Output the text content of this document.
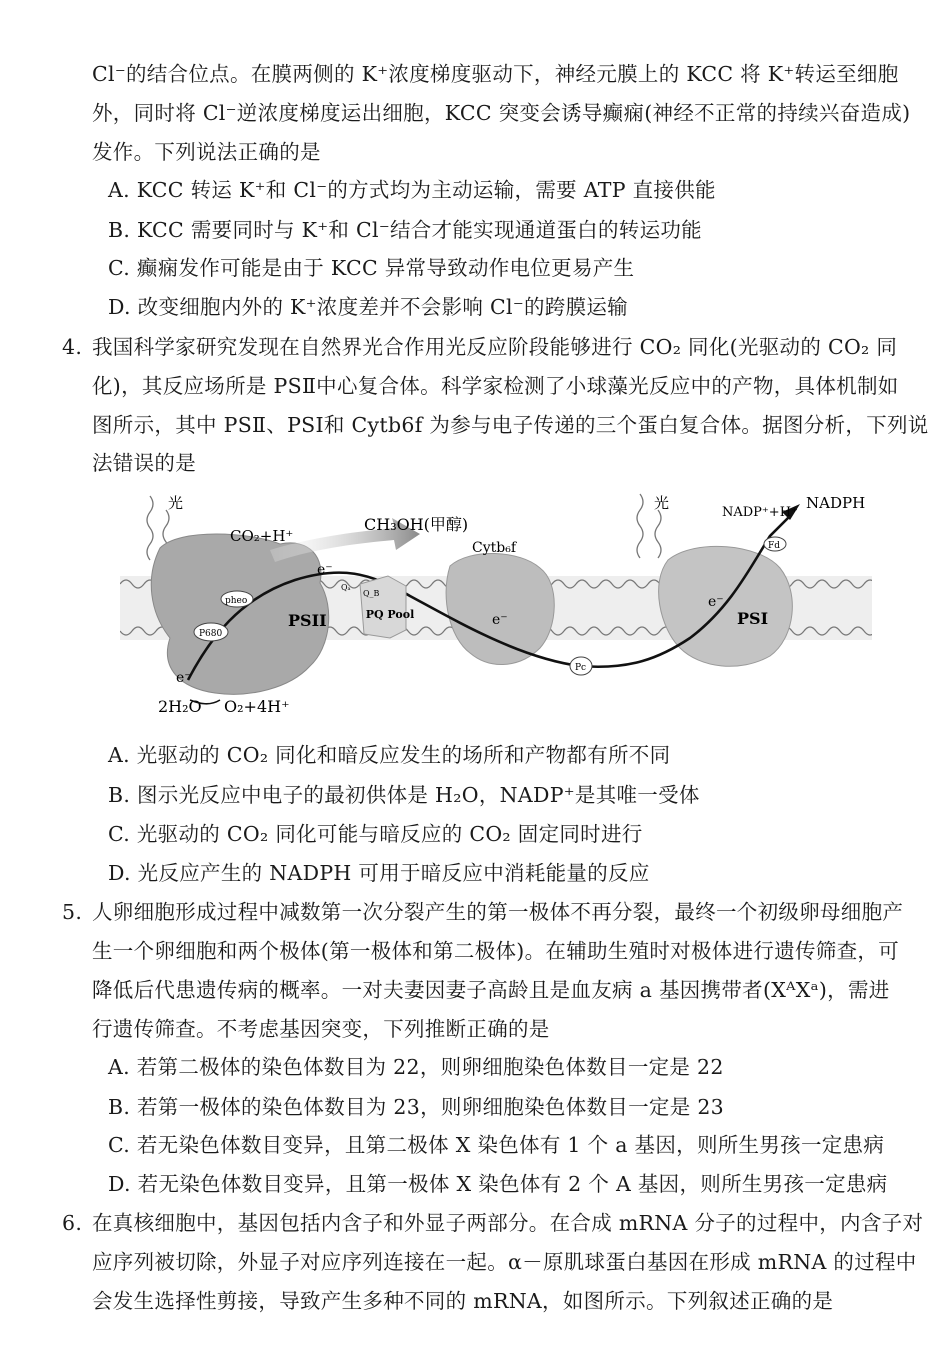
Cl⁻的结合位点。在膜两侧的 K⁺浓度梯度驱动下，神经元膜上的 KCC 将 K⁺转运至细胞
外，同时将 Cl⁻逆浓度梯度运出细胞，KCC 突变会诱导癫痫(神经不正常的持续兴奋造成)
发作。下列说法正确的是
A. KCC 转运 K⁺和 Cl⁻的方式均为主动运输，需要 ATP 直接供能
B. KCC 需要同时与 K⁺和 Cl⁻结合才能实现通道蛋白的转运功能
C. 癫痫发作可能是由于 KCC 异常导致动作电位更易产生
D. 改变细胞内外的 K⁺浓度差并不会影响 Cl⁻的跨膜运输
4. 我国科学家研究发现在自然界光合作用光反应阶段能够进行 CO₂ 同化(光驱动的 CO₂ 同
化)，其反应场所是 PSⅡ中心复合体。科学家检测了小球藻光反应中的产物，具体机制如
图所示，其中 PSⅡ、PSⅠ和 Cytb6f 为参与电子传递的三个蛋白复合体。据图分析，下列说
法错误的是
光	光
CO₂+H⁺
CH₃OH(甲醇)
Cytb₆f
NADP⁺+H⁺
NADPH
Fd
PSII	PSI
P680
pheo
Qₐ
Q_B
PQ Pool
Pc
e⁻
e⁻
e⁻
e⁻
2H₂O O₂+4H⁺
A. 光驱动的 CO₂ 同化和暗反应发生的场所和产物都有所不同
B. 图示光反应中电子的最初供体是 H₂O，NADP⁺是其唯一受体
C. 光驱动的 CO₂ 同化可能与暗反应的 CO₂ 固定同时进行
D. 光反应产生的 NADPH 可用于暗反应中消耗能量的反应
5. 人卵细胞形成过程中减数第一次分裂产生的第一极体不再分裂，最终一个初级卵母细胞产
生一个卵细胞和两个极体(第一极体和第二极体)。在辅助生殖时对极体进行遗传筛查，可
降低后代患遗传病的概率。一对夫妻因妻子高龄且是血友病 a 基因携带者(XᴬXᵃ)，需进
行遗传筛查。不考虑基因突变，下列推断正确的是
A. 若第二极体的染色体数目为 22，则卵细胞染色体数目一定是 22
B. 若第一极体的染色体数目为 23，则卵细胞染色体数目一定是 23
C. 若无染色体数目变异，且第二极体 X 染色体有 1 个 a 基因，则所生男孩一定患病
D. 若无染色体数目变异，且第一极体 X 染色体有 2 个 A 基因，则所生男孩一定患病
6. 在真核细胞中，基因包括内含子和外显子两部分。在合成 mRNA 分子的过程中，内含子对
应序列被切除，外显子对应序列连接在一起。α－原肌球蛋白基因在形成 mRNA 的过程中
会发生选择性剪接，导致产生多种不同的 mRNA，如图所示。下列叙述正确的是
